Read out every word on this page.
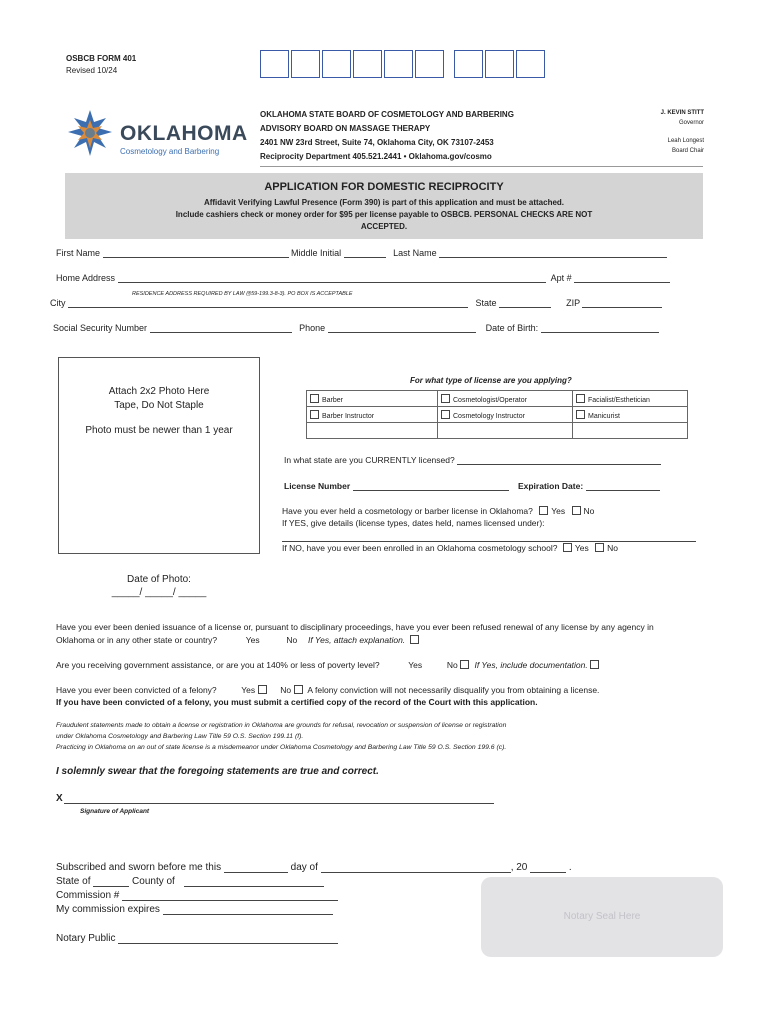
OSBCB FORM 401
Revised 10/24
OKLAHOMA
Cosmetology and Barbering
OKLAHOMA STATE BOARD OF COSMETOLOGY AND BARBERING
ADVISORY BOARD ON MASSAGE THERAPY
2401 NW 23rd Street, Suite 74, Oklahoma City, OK 73107-2453
Reciprocity Department 405.521.2441 • Oklahoma.gov/cosmo
J. KEVIN STITT
Governor
Leah Longest
Board Chair
APPLICATION FOR DOMESTIC RECIPROCITY
Affidavit Verifying Lawful Presence (Form 390) is part of this application and must be attached.
Include cashiers check or money order for $95 per license payable to OSBCB. PERSONAL CHECKS ARE NOT
ACCEPTED.
First Name	Middle Initial	Last Name
Home Address	Apt #
RESIDENCE ADDRESS REQUIRED BY LAW (§59-199.3-8-3). PO BOX IS ACCEPTABLE
City	State	ZIP
Social Security Number	Phone	Date of Birth:
Attach 2x2 Photo Here
Tape, Do Not Staple
Photo must be newer than 1 year
Date of Photo:
_____/ _____/ _____
For what type of license are you applying?
Barber	Cosmetologist/Operator	Facialist/Esthetician
Barber Instructor	Cosmetology Instructor	Manicurist

In what state are you CURRENTLY licensed?
License Number	Expiration Date:
Have you ever held a cosmetology or barber license in Oklahoma? Yes No
If YES, give details (license types, dates held, names licensed under):
If NO, have you ever been enrolled in an Oklahoma cosmetology school? Yes No
Have you ever been denied issuance of a license or, pursuant to disciplinary proceedings, have you ever been refused renewal of any license by any agency in
Oklahoma or in any other state or country?	Yes	No If Yes, attach explanation.
Are you receiving government assistance, or are you at 140% or less of poverty level?	Yes	No If Yes, include documentation.
Have you ever been convicted of a felony?	Yes	No A felony conviction will not necessarily disqualify you from obtaining a license.
If you have been convicted of a felony, you must submit a certified copy of the record of the Court with this application.
Fraudulent statements made to obtain a license or registration in Oklahoma are grounds for refusal, revocation or suspension of license or registration
under Oklahoma Cosmetology and Barbering Law Title 59 O.S. Section 199.11 (f).
Practicing in Oklahoma on an out of state license is a misdemeanor under Oklahoma Cosmetology and Barbering Law Title 59 O.S. Section 199.6 (c).
I solemnly swear that the foregoing statements are true and correct.
X
Signature of Applicant
Subscribed and sworn before me this	day of	, 20	.
State of	County of
Commission #
My commission expires
Notary Public
Notary Seal Here
